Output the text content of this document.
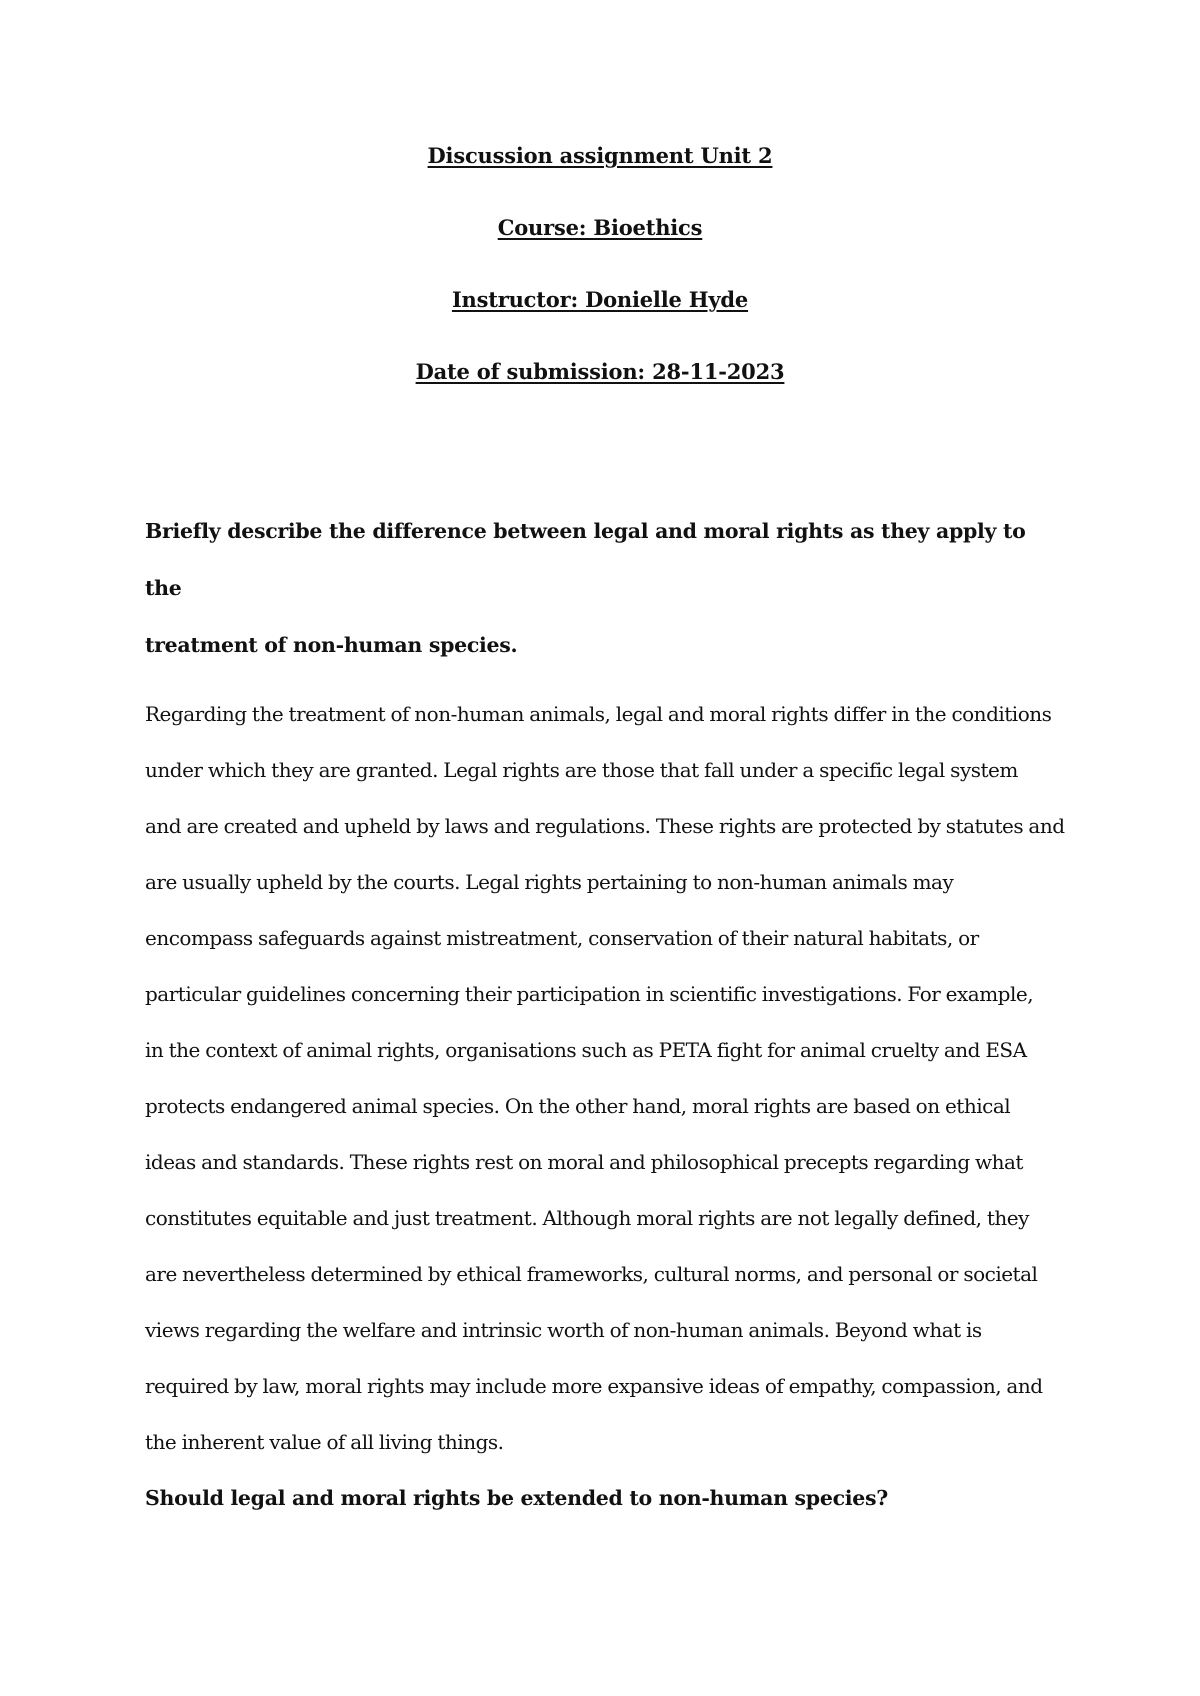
Discussion assignment Unit 2
Course: Bioethics
Instructor: Donielle Hyde
Date of submission: 28-11-2023

Briefly describe the difference between legal and moral rights as they apply to the
treatment of non-human species.

Regarding the treatment of non-human animals, legal and moral rights differ in the conditions
under which they are granted. Legal rights are those that fall under a specific legal system
and are created and upheld by laws and regulations. These rights are protected by statutes and
are usually upheld by the courts. Legal rights pertaining to non-human animals may
encompass safeguards against mistreatment, conservation of their natural habitats, or
particular guidelines concerning their participation in scientific investigations. For example,
in the context of animal rights, organisations such as PETA fight for animal cruelty and ESA
protects endangered animal species. On the other hand, moral rights are based on ethical
ideas and standards. These rights rest on moral and philosophical precepts regarding what
constitutes equitable and just treatment. Although moral rights are not legally defined, they
are nevertheless determined by ethical frameworks, cultural norms, and personal or societal
views regarding the welfare and intrinsic worth of non-human animals. Beyond what is
required by law, moral rights may include more expansive ideas of empathy, compassion, and
the inherent value of all living things.

Should legal and moral rights be extended to non-human species?
